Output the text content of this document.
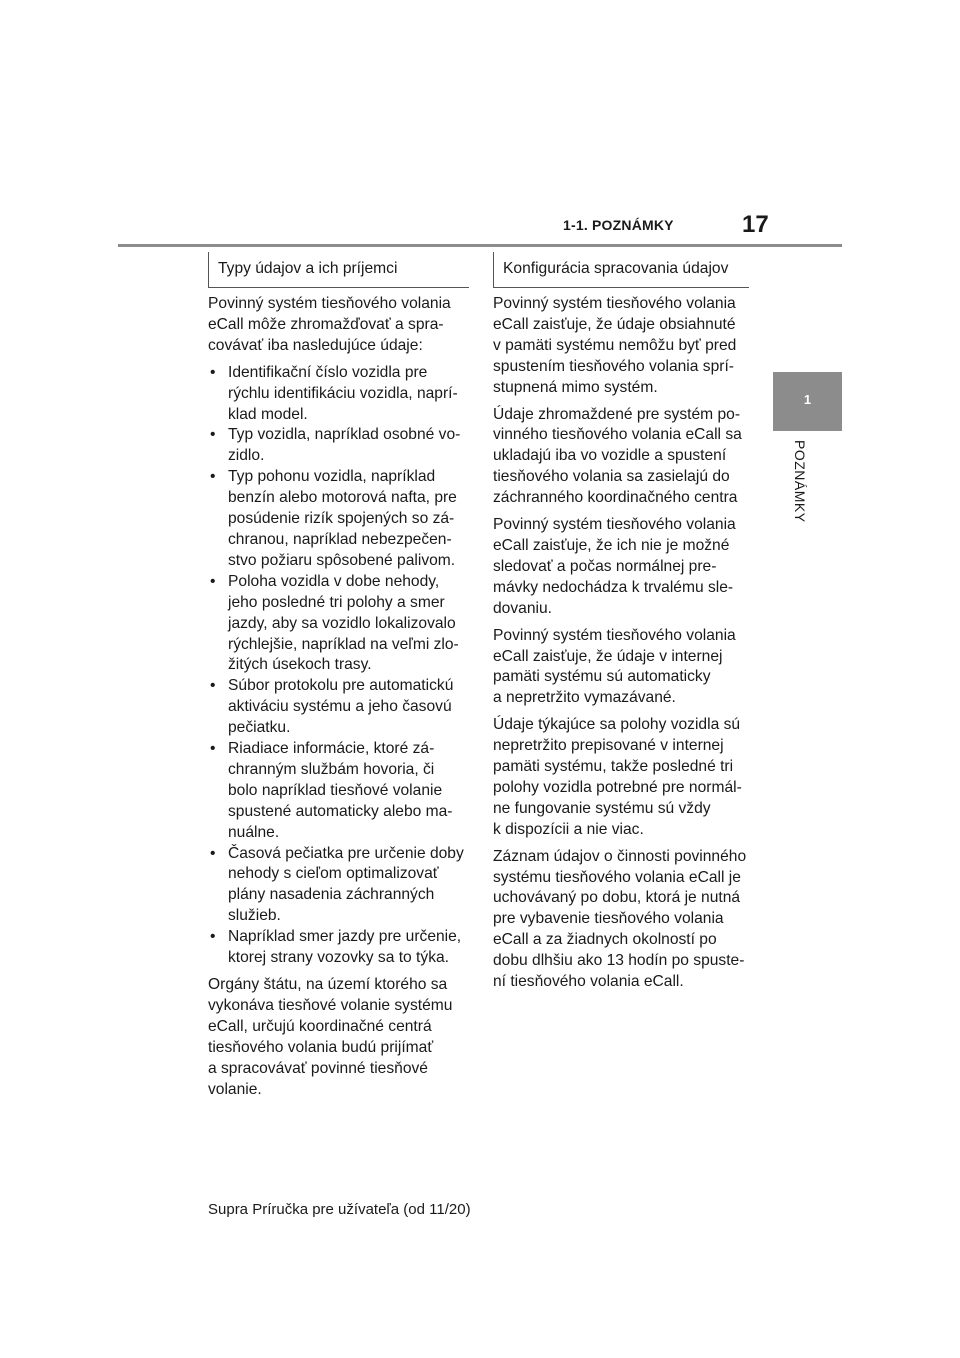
1-1. POZNÁMKY	17
1
POZNÁMKY
Typy údajov a ich príjemci
Povinný systém tiesňového volania
eCall môže zhromažďovať a spra-
covávať iba nasledujúce údaje:
• Identifikační číslo vozidla pre
rýchlu identifikáciu vozidla, naprí-
klad model.
• Typ vozidla, napríklad osobné vo-
zidlo.
• Typ pohonu vozidla, napríklad
benzín alebo motorová nafta, pre
posúdenie rizík spojených so zá-
chranou, napríklad nebezpečen-
stvo požiaru spôsobené palivom.
• Poloha vozidla v dobe nehody,
jeho posledné tri polohy a smer
jazdy, aby sa vozidlo lokalizovalo
rýchlejšie, napríklad na veľmi zlo-
žitých úsekoch trasy.
• Súbor protokolu pre automatickú
aktiváciu systému a jeho časovú
pečiatku.
• Riadiace informácie, ktoré zá-
chranným službám hovoria, či
bolo napríklad tiesňové volanie
spustené automaticky alebo ma-
nuálne.
• Časová pečiatka pre určenie doby
nehody s cieľom optimalizovať
plány nasadenia záchranných
služieb.
• Napríklad smer jazdy pre určenie,
ktorej strany vozovky sa to týka.
Orgány štátu, na území ktorého sa
vykonáva tiesňové volanie systému
eCall, určujú koordinačné centrá
tiesňového volania budú prijímať
a spracovávať povinné tiesňové
volanie.
Konfigurácia spracovania údajov
Povinný systém tiesňového volania
eCall zaisťuje, že údaje obsiahnuté
v pamäti systému nemôžu byť pred
spustením tiesňového volania sprí-
stupnená mimo systém.
Údaje zhromaždené pre systém po-
vinného tiesňového volania eCall sa
ukladajú iba vo vozidle a spustení
tiesňového volania sa zasielajú do
záchranného koordinačného centra
Povinný systém tiesňového volania
eCall zaisťuje, že ich nie je možné
sledovať a počas normálnej pre-
mávky nedochádza k trvalému sle-
dovaniu.
Povinný systém tiesňového volania
eCall zaisťuje, že údaje v internej
pamäti systému sú automaticky
a nepretržito vymazávané.
Údaje týkajúce sa polohy vozidla sú
nepretržito prepisované v internej
pamäti systému, takže posledné tri
polohy vozidla potrebné pre normál-
ne fungovanie systému sú vždy
k dispozícii a nie viac.
Záznam údajov o činnosti povinného
systému tiesňového volania eCall je
uchovávaný po dobu, ktorá je nutná
pre vybavenie tiesňového volania
eCall a za žiadnych okolností po
dobu dlhšiu ako 13 hodín po spuste-
ní tiesňového volania eCall.
Supra Príručka pre užívateľa (od 11/20)
